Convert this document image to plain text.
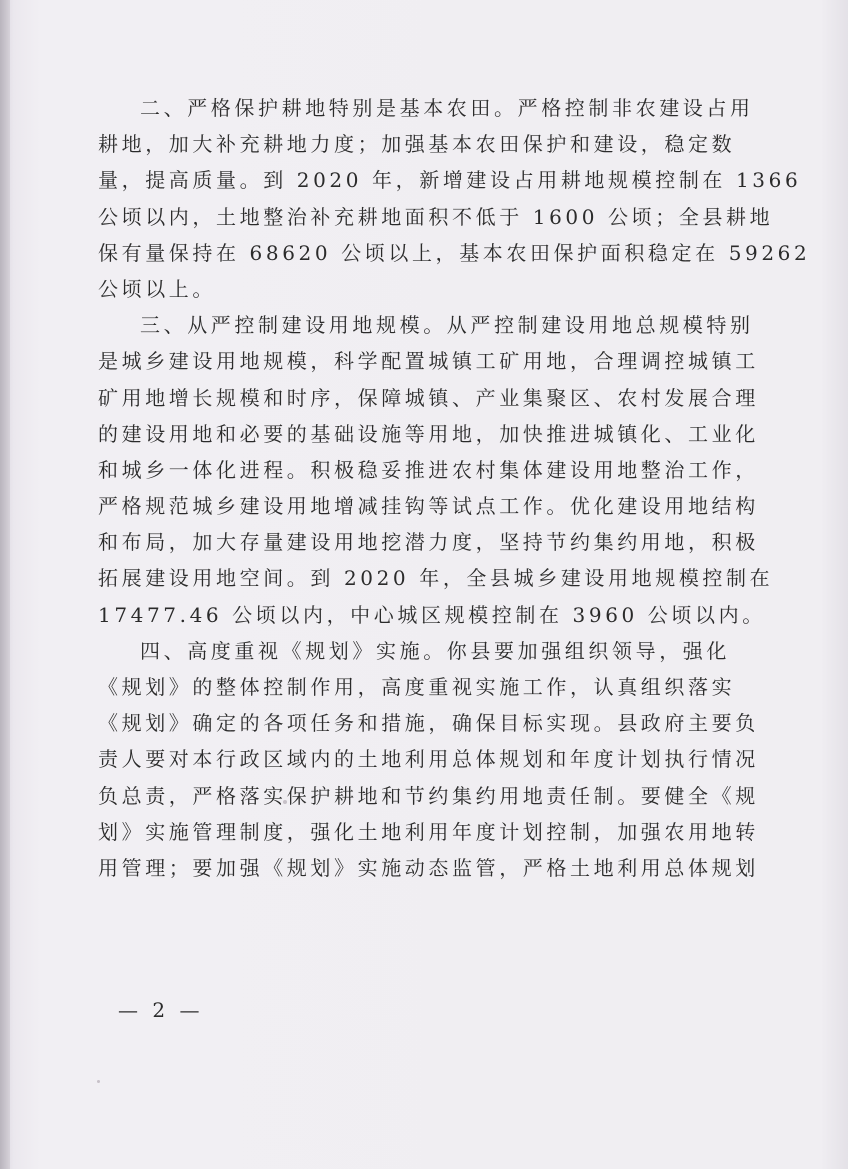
二、严格保护耕地特别是基本农田。严格控制非农建设占用
耕地，加大补充耕地力度；加强基本农田保护和建设，稳定数
量，提高质量。到 2020 年，新增建设占用耕地规模控制在 1366
公顷以内，土地整治补充耕地面积不低于 1600 公顷；全县耕地
保有量保持在 68620 公顷以上，基本农田保护面积稳定在 59262
公顷以上。
三、从严控制建设用地规模。从严控制建设用地总规模特别
是城乡建设用地规模，科学配置城镇工矿用地，合理调控城镇工
矿用地增长规模和时序，保障城镇、产业集聚区、农村发展合理
的建设用地和必要的基础设施等用地，加快推进城镇化、工业化
和城乡一体化进程。积极稳妥推进农村集体建设用地整治工作，
严格规范城乡建设用地增减挂钩等试点工作。优化建设用地结构
和布局，加大存量建设用地挖潜力度，坚持节约集约用地，积极
拓展建设用地空间。到 2020 年，全县城乡建设用地规模控制在
17477.46 公顷以内，中心城区规模控制在 3960 公顷以内。
四、高度重视《规划》实施。你县要加强组织领导，强化
《规划》的整体控制作用，高度重视实施工作，认真组织落实
《规划》确定的各项任务和措施，确保目标实现。县政府主要负
责人要对本行政区域内的土地利用总体规划和年度计划执行情况
负总责，严格落实保护耕地和节约集约用地责任制。要健全《规
划》实施管理制度，强化土地利用年度计划控制，加强农用地转
用管理；要加强《规划》实施动态监管，严格土地利用总体规划
— 2 —
